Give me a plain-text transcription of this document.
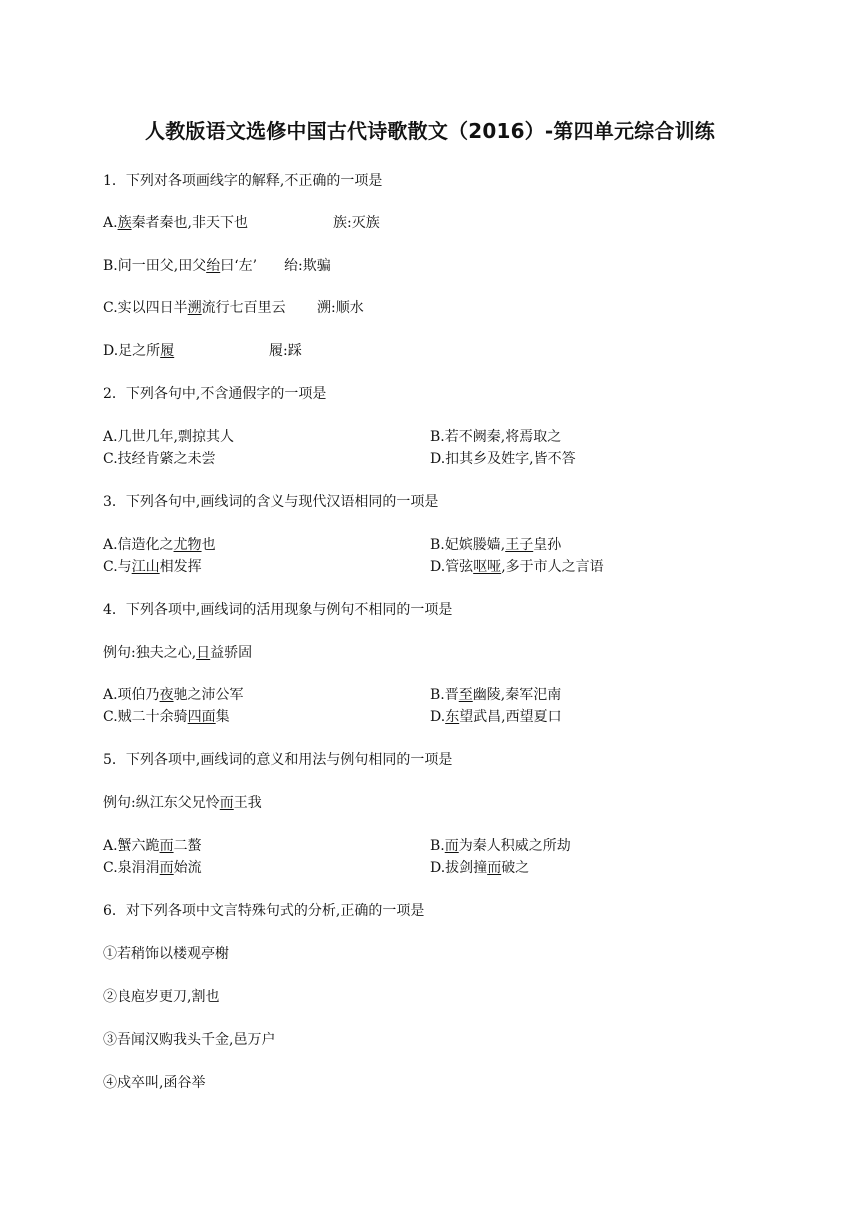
人教版语文选修中国古代诗歌散文（2016）-第四单元综合训练
1．下列对各项画线字的解释,不正确的一项是
A.族秦者秦也,非天下也	族:灭族
B.问一田父,田父绐曰‘左’ 绐:欺骗
C.实以四日半溯流行七百里云 溯:顺水
D.足之所履	履:踩
2．下列各句中,不含通假字的一项是
A.几世几年,剽掠其人	B.若不阙秦,将焉取之
C.技经肯綮之未尝	D.扣其乡及姓字,皆不答
3．下列各句中,画线词的含义与现代汉语相同的一项是
A.信造化之尤物也	B.妃嫔媵嫱,王子皇孙
C.与江山相发挥	D.管弦呕哑,多于市人之言语
4．下列各项中,画线词的活用现象与例句不相同的一项是
例句:独夫之心,日益骄固
A.项伯乃夜驰之沛公军	B.晋至幽陵,秦军汜南
C.贼二十余骑四面集	D.东望武昌,西望夏口
5．下列各项中,画线词的意义和用法与例句相同的一项是
例句:纵江东父兄怜而王我
A.蟹六跪而二螯	B.而为秦人积威之所劫
C.泉涓涓而始流	D.拔剑撞而破之
6．对下列各项中文言特殊句式的分析,正确的一项是
①若稍饰以楼观亭榭
②良庖岁更刀,割也
③吾闻汉购我头千金,邑万户
④戍卒叫,函谷举
